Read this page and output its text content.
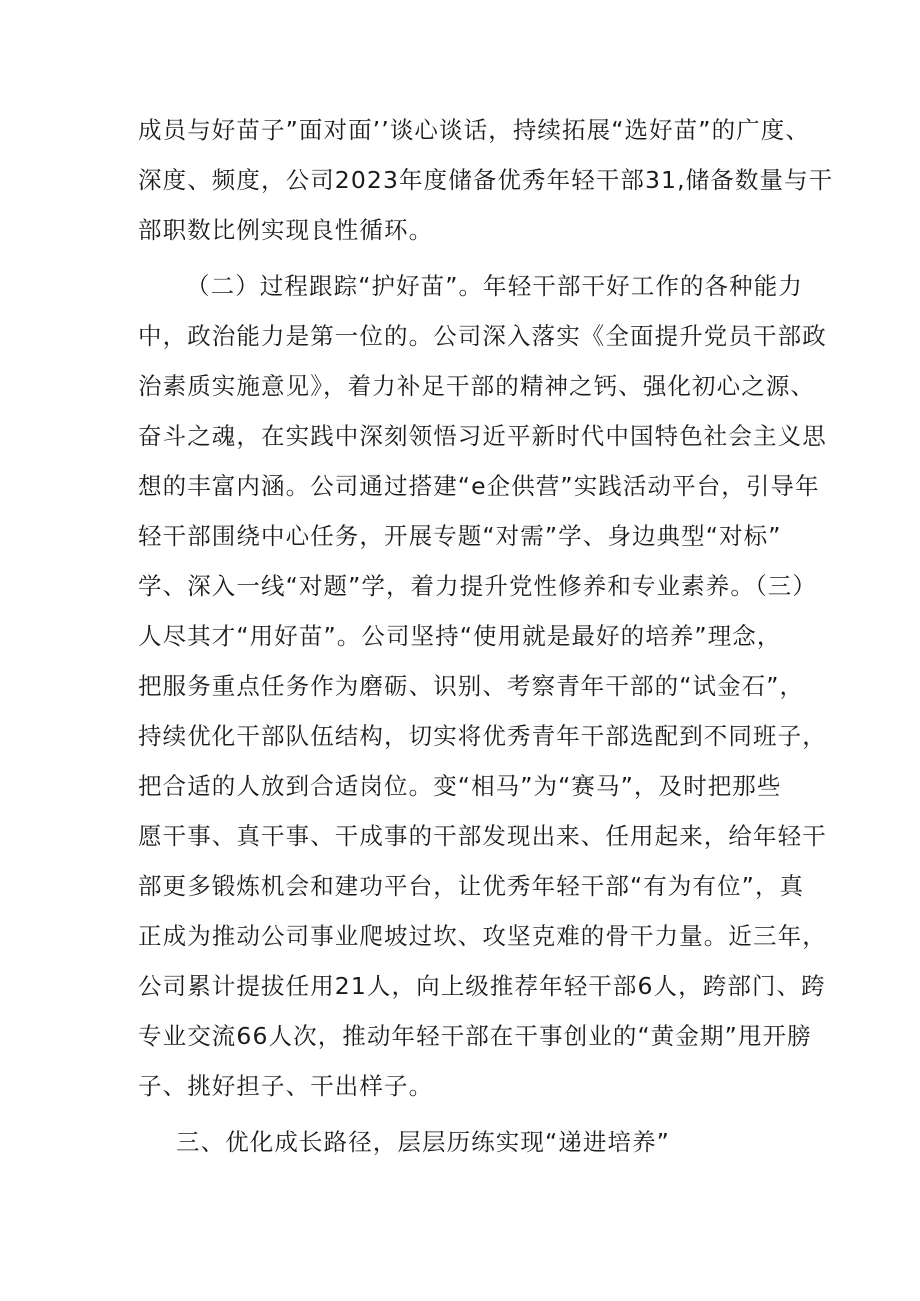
成员与好苗子”面对面’’谈心谈话，持续拓展“选好苗”的广度、
深度、频度，公司2023年度储备优秀年轻干部31,储备数量与干
部职数比例实现良性循环。
（二）过程跟踪“护好苗”。年轻干部干好工作的各种能力
中，政治能力是第一位的。公司深入落实《全面提升党员干部政
治素质实施意见》，着力补足干部的精神之钙、强化初心之源、
奋斗之魂，在实践中深刻领悟习近平新时代中国特色社会主义思
想的丰富内涵。公司通过搭建“e企供营”实践活动平台，引导年
轻干部围绕中心任务，开展专题“对需”学、身边典型“对标”
学、深入一线“对题”学，着力提升党性修养和专业素养。（三）
人尽其才“用好苗”。公司坚持“使用就是最好的培养”理念，
把服务重点任务作为磨砺、识别、考察青年干部的“试金石”，
持续优化干部队伍结构，切实将优秀青年干部选配到不同班子，
把合适的人放到合适岗位。变“相马”为“赛马”，及时把那些
愿干事、真干事、干成事的干部发现出来、任用起来，给年轻干
部更多锻炼机会和建功平台，让优秀年轻干部“有为有位”，真
正成为推动公司事业爬坡过坎、攻坚克难的骨干力量。近三年，
公司累计提拔任用21人，向上级推荐年轻干部6人，跨部门、跨
专业交流66人次，推动年轻干部在干事创业的“黄金期”甩开膀
子、挑好担子、干出样子。
三、优化成长路径，层层历练实现“递进培养”
